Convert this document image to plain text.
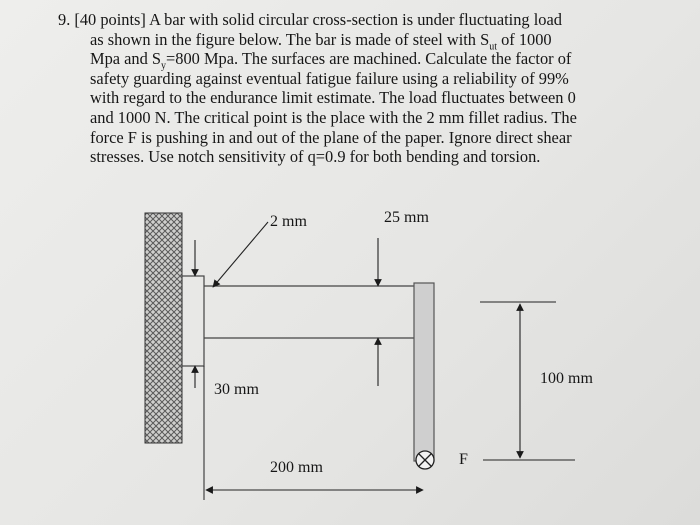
9. [40 points] A bar with solid circular cross-section is under fluctuating load
as shown in the figure below. The bar is made of steel with $S_{ut}$ of 1000
Mpa and $S_y=800$ Mpa. The surfaces are machined. Calculate the factor of
safety guarding against eventual fatigue failure using a reliability of 99%
with regard to the endurance limit estimate. The load fluctuates between 0
and 1000 N. The critical point is the place with the 2 mm fillet radius. The
force F is pushing in and out of the plane of the paper. Ignore direct shear
stresses. Use notch sensitivity of q=0.9 for both bending and torsion.
2 mm	25 mm
30 mm
200 mm
100 mm
F
